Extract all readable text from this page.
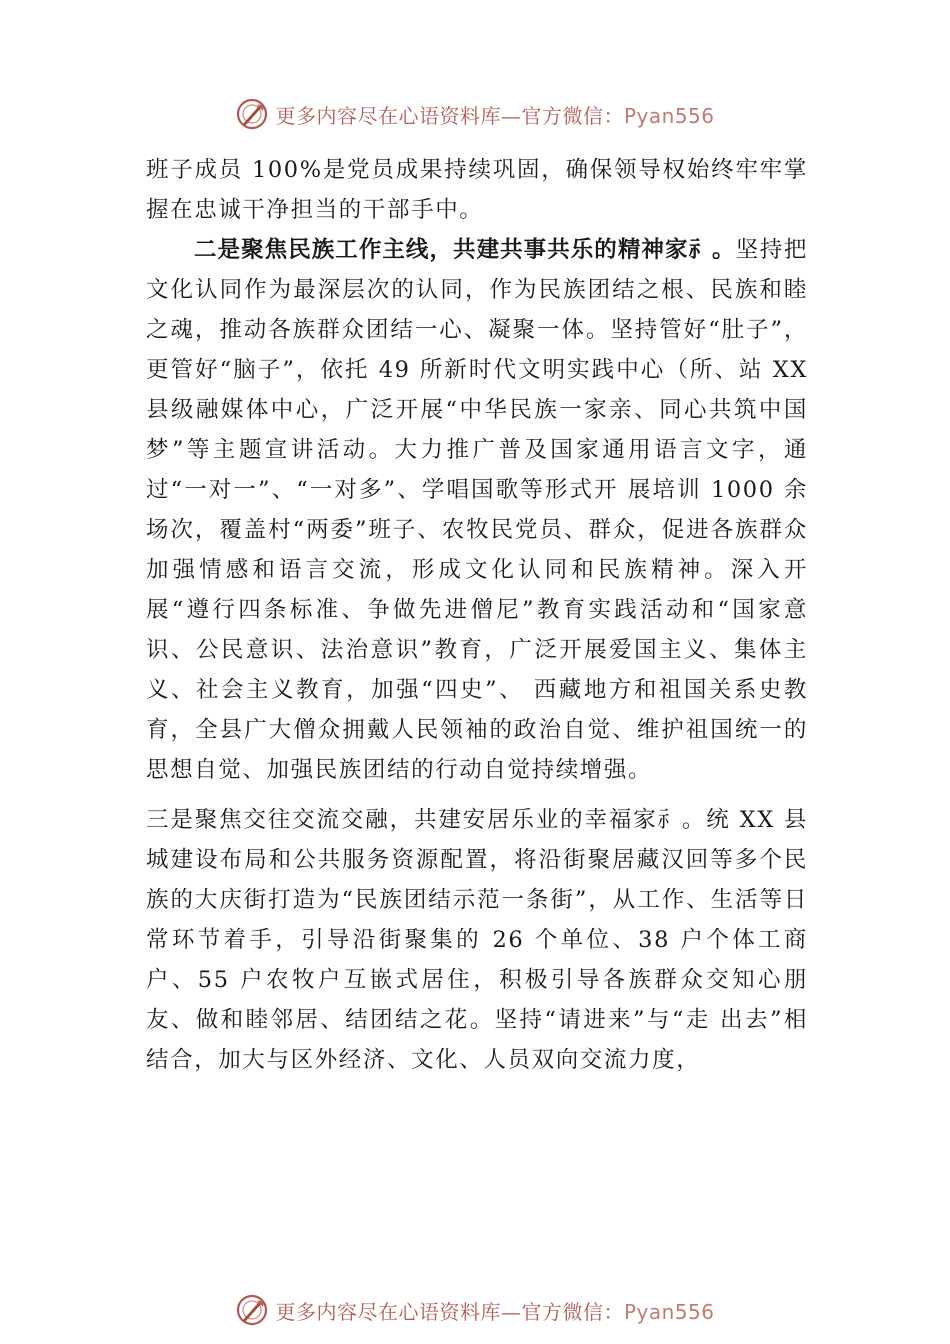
更多内容尽在心语资料库—官方微信：Pyan556

班子成员 100%是党员成果持续巩固，确保领导权始终牢牢掌握在忠诚干净担当的干部手中。

二是聚焦民族工作主线，共建共事共乐的精神家⺬。坚持把文化认同作为最深层次的认同，作为民族团结之根、民族和睦之魂，推动各族群众团结一心、凝聚一体。坚持管好“肚子”，更管好“脑子”，依托 49 所新时代文明实践中心（所、站 XX 县级融媒体中心，广泛开展“中华民族一家亲、同心共筑中国梦”等主题宣讲活动。大力推广普及国家通用语言文字，通过“一对一”、“一对多”、学唱国歌等形式开 展培训 1000 余场次，覆盖村“两委”班子、农牧民党员、群众，促进各族群众加强情感和语言交流，形成文化认同和民族精神。深入开展“遵行四条标准、争做先进僧尼”教育实践活动和“国家意识、公民意识、法治意识”教育，广泛开展爱国主义、集体主义、社会主义教育，加强“四史”、 西藏地方和祖国关系史教育，全县广大僧众拥戴人民领袖的政治自觉、维护祖国统一的思想自觉、加强民族团结的行动自觉持续增强。

三是聚焦交往交流交融，共建安居乐业的幸福家⺬。统 XX 县城建设布局和公共服务资源配置，将沿街聚居藏汉回等多个民族的大庆街打造为“民族团结示范一条街”，从工作、生活等日常环节着手，引导沿街聚集的 26 个单位、38 户个体工商户、55 户农牧户互嵌式居住，积极引导各族群众交知心朋友、做和睦邻居、结团结之花。坚持“请进来”与“走 出去”相结合，加大与区外经济、文化、人员双向交流力度，

更多内容尽在心语资料库—官方微信：Pyan556
